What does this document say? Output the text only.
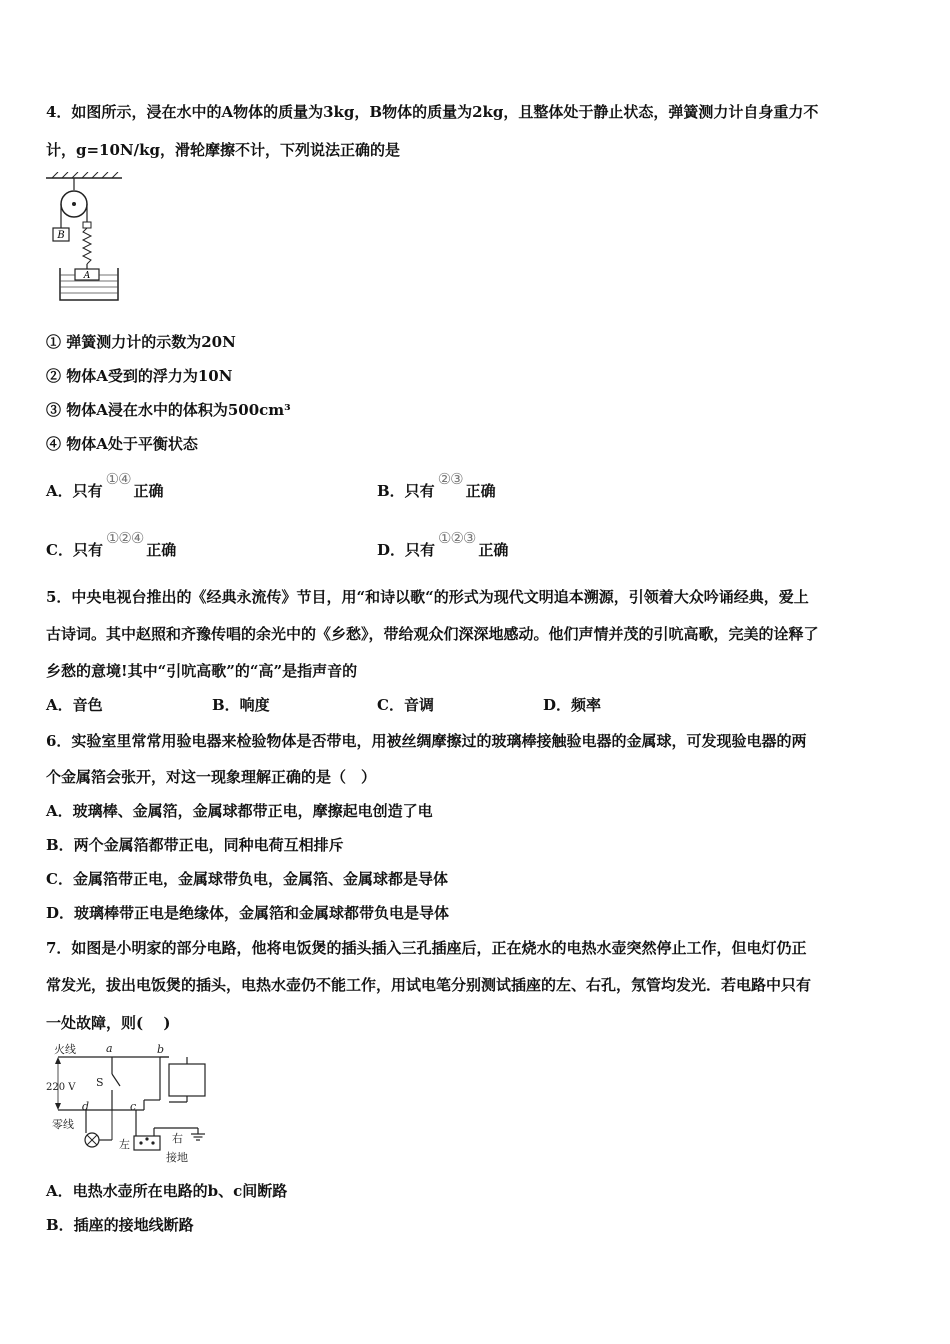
4．如图所示，浸在水中的A物体的质量为3kg，B物体的质量为2kg，且整体处于静止状态，弹簧测力计自身重力不
计，g=10N/kg，滑轮摩擦不计，下列说法正确的是
B
A
① 弹簧测力计的示数为20N
② 物体A受到的浮力为10N
③ 物体A浸在水中的体积为500cm³
④ 物体A处于平衡状态
A．只有①④正确	B．只有②③正确
C．只有①②④正确	D．只有①②③正确
5．中央电视台推出的《经典永流传》节目，用“和诗以歌“的形式为现代文明追本溯源，引领着大众吟诵经典，爱上
古诗词。其中赵照和齐豫传唱的余光中的《乡愁》，带给观众们深深地感动。他们声情并茂的引吭高歌，完美的诠释了
乡愁的意境!其中“引吭高歌”的“高”是指声音的
A．音色	B．响度	C．音调	D．频率
6．实验室里常常用验电器来检验物体是否带电，用被丝绸摩擦过的玻璃棒接触验电器的金属球，可发现验电器的两
个金属箔会张开，对这一现象理解正确的是（　）
A．玻璃棒、金属箔，金属球都带正电，摩擦起电创造了电
B．两个金属箔都带正电，同种电荷互相排斥
C．金属箔带正电，金属球带负电，金属箔、金属球都是导体
D．玻璃棒带正电是绝缘体，金属箔和金属球都带负电是导体
7．如图是小明家的部分电路，他将电饭煲的插头插入三孔插座后，正在烧水的电热水壶突然停止工作，但电灯仍正
常发光，拔出电饭煲的插头，电热水壶仍不能工作，用试电笔分别测试插座的左、右孔，氖管均发光．若电路中只有
一处故障，则(　 )
火线
220 V
零线
a	b
S
d	c
左	右
接地
A．电热水壶所在电路的b、c间断路
B．插座的接地线断路
